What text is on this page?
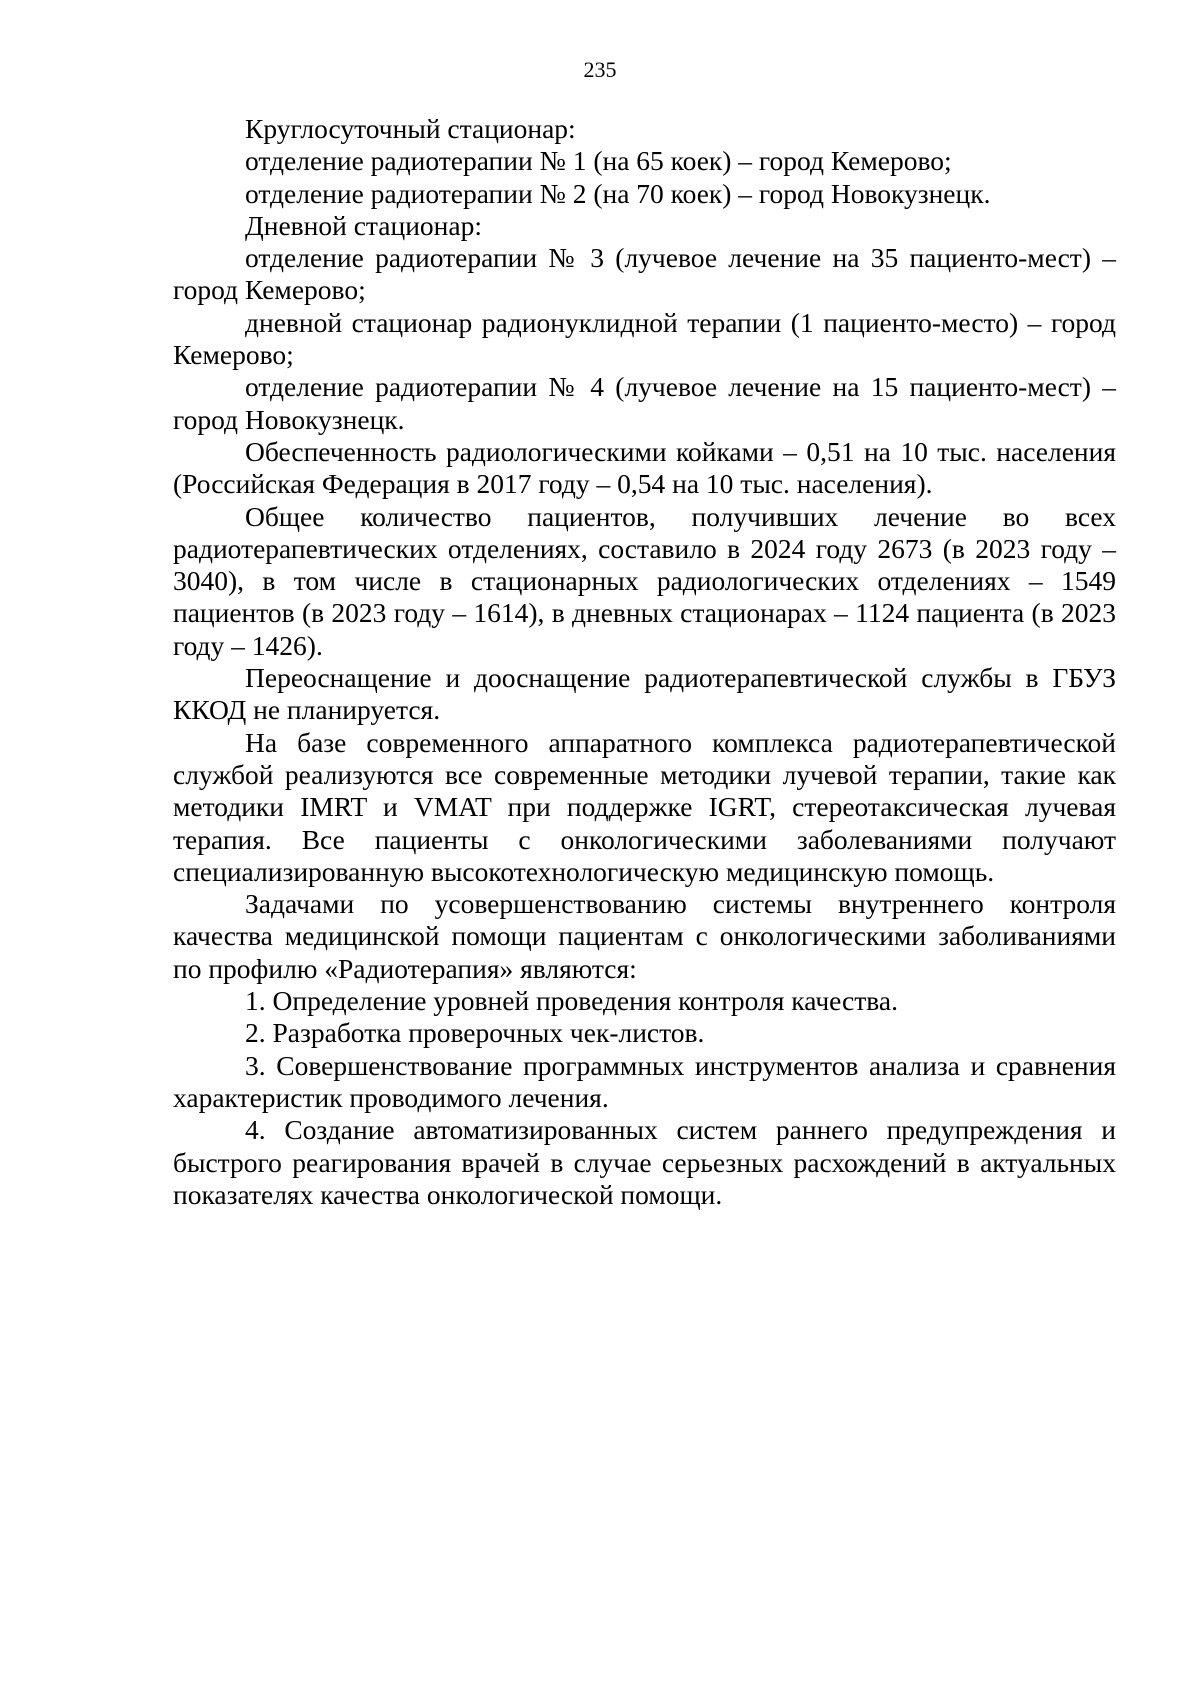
235

Круглосуточный стационар:

отделение радиотерапии № 1 (на 65 коек) – город Кемерово;

отделение радиотерапии № 2 (на 70 коек) – город Новокузнецк.

Дневной стационар:

отделение радиотерапии № 3 (лучевое лечение на 35 пациенто-мест) – город Кемерово;

дневной стационар радионуклидной терапии (1 пациенто-место) – город Кемерово;

отделение радиотерапии № 4 (лучевое лечение на 15 пациенто-мест) – город Новокузнецк.

Обеспеченность радиологическими койками – 0,51 на 10 тыс. населения (Российская Федерация в 2017 году – 0,54 на 10 тыс. населения).

Общее количество пациентов, получивших лечение во всех радиотерапевтических отделениях, составило в 2024 году 2673 (в 2023 году – 3040), в том числе в стационарных радиологических отделениях – 1549 пациентов (в 2023 году – 1614), в дневных стационарах – 1124 пациента (в 2023 году – 1426).

Переоснащение и дооснащение радиотерапевтической службы в ГБУЗ ККОД не планируется.

На базе современного аппаратного комплекса радиотерапевтической службой реализуются все современные методики лучевой терапии, такие как методики IMRT и VMAT при поддержке IGRT, стереотаксическая лучевая терапия. Все пациенты с онкологическими заболеваниями получают специализированную высокотехнологическую медицинскую помощь.

Задачами по усовершенствованию системы внутреннего контроля качества медицинской помощи пациентам с онкологическими заболиваниями по профилю «Радиотерапия» являются:

1. Определение уровней проведения контроля качества.

2. Разработка проверочных чек-листов.

3. Совершенствование программных инструментов анализа и сравнения характеристик проводимого лечения.

4. Создание автоматизированных систем раннего предупреждения и быстрого реагирования врачей в случае серьезных расхождений в актуальных показателях качества онкологической помощи.
